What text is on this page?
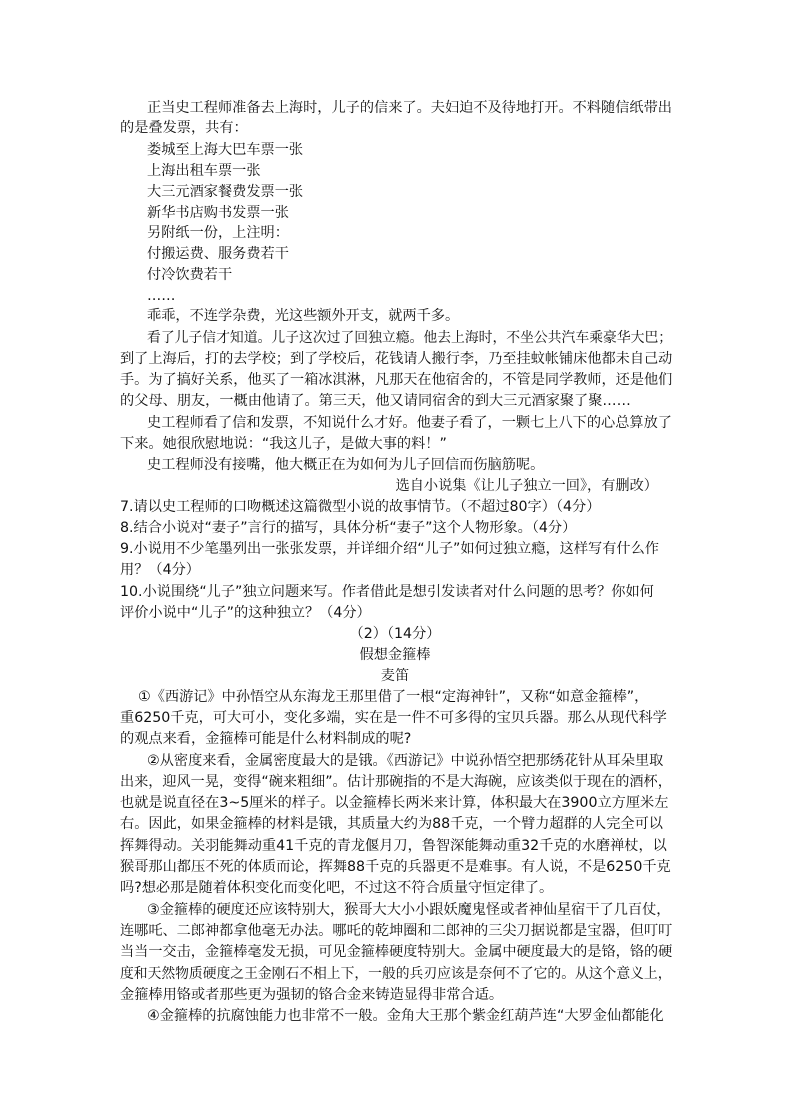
正当史工程师准备去上海时，儿子的信来了。夫妇迫不及待地打开。不料随信纸带出
的是叠发票，共有：
娄城至上海大巴车票一张
上海出租车票一张
大三元酒家餐费发票一张
新华书店购书发票一张
另附纸一份，上注明：
付搬运费、服务费若干
付冷饮费若干
……
乖乖，不连学杂费，光这些额外开支，就两千多。
看了儿子信才知道。儿子这次过了回独立瘾。他去上海时，不坐公共汽车乘豪华大巴；
到了上海后，打的去学校；到了学校后，花钱请人搬行李，乃至挂蚊帐铺床他都未自己动
手。为了搞好关系，他买了一箱冰淇淋，凡那天在他宿舍的，不管是同学教师，还是他们
的父母、朋友，一概由他请了。第三天，他又请同宿舍的到大三元酒家聚了聚……
史工程师看了信和发票，不知说什么才好。他妻子看了，一颗七上八下的心总算放了
下来。她很欣慰地说：“我这儿子，是做大事的料！”
史工程师没有接嘴，他大概正在为如何为儿子回信而伤脑筋呢。
选自小说集《让儿子独立一回》，有删改）
7.请以史工程师的口吻概述这篇微型小说的故事情节。（不超过80字）（4分）
8.结合小说对“妻子”言行的描写，具体分析“妻子”这个人物形象。（4分）
9.小说用不少笔墨列出一张张发票，并详细介绍“儿子”如何过独立瘾，这样写有什么作
用？（4分）
10.小说围绕“儿子”独立问题来写。作者借此是想引发读者对什么问题的思考？你如何
评价小说中“儿子”的这种独立？（4分）
（2）（14分）
假想金箍棒
麦笛
①《西游记》中孙悟空从东海龙王那里借了一根“定海神针”，又称“如意金箍棒”，
重6250千克，可大可小，变化多端，实在是一件不可多得的宝贝兵器。那么从现代科学
的观点来看，金箍棒可能是什么材料制成的呢?
②从密度来看，金属密度最大的是锇。《西游记》中说孙悟空把那绣花针从耳朵里取
出来，迎风一晃，变得“碗来粗细”。估计那碗指的不是大海碗，应该类似于现在的酒杯，
也就是说直径在3~5厘米的样子。以金箍棒长两米来计算，体积最大在3900立方厘米左
右。因此，如果金箍棒的材料是锇，其质量大约为88千克，一个臂力超群的人完全可以
挥舞得动。关羽能舞动重41千克的青龙偃月刀，鲁智深能舞动重32千克的水磨禅杖，以
猴哥那山都压不死的体质而论，挥舞88千克的兵器更不是难事。有人说，不是6250千克
吗?想必那是随着体积变化而变化吧，不过这不符合质量守恒定律了。
③金箍棒的硬度还应该特别大，猴哥大大小小跟妖魔鬼怪或者神仙星宿干了几百仗，
连哪吒、二郎神都拿他毫无办法。哪吒的乾坤圈和二郎神的三尖刀据说都是宝器，但叮叮
当当一交击，金箍棒毫发无损，可见金箍棒硬度特别大。金属中硬度最大的是铬，铬的硬
度和天然物质硬度之王金刚石不相上下，一般的兵刃应该是奈何不了它的。从这个意义上，
金箍棒用铬或者那些更为强韧的铬合金来铸造显得非常合适。
④金箍棒的抗腐蚀能力也非常不一般。金角大王那个紫金红葫芦连“大罗金仙都能化
